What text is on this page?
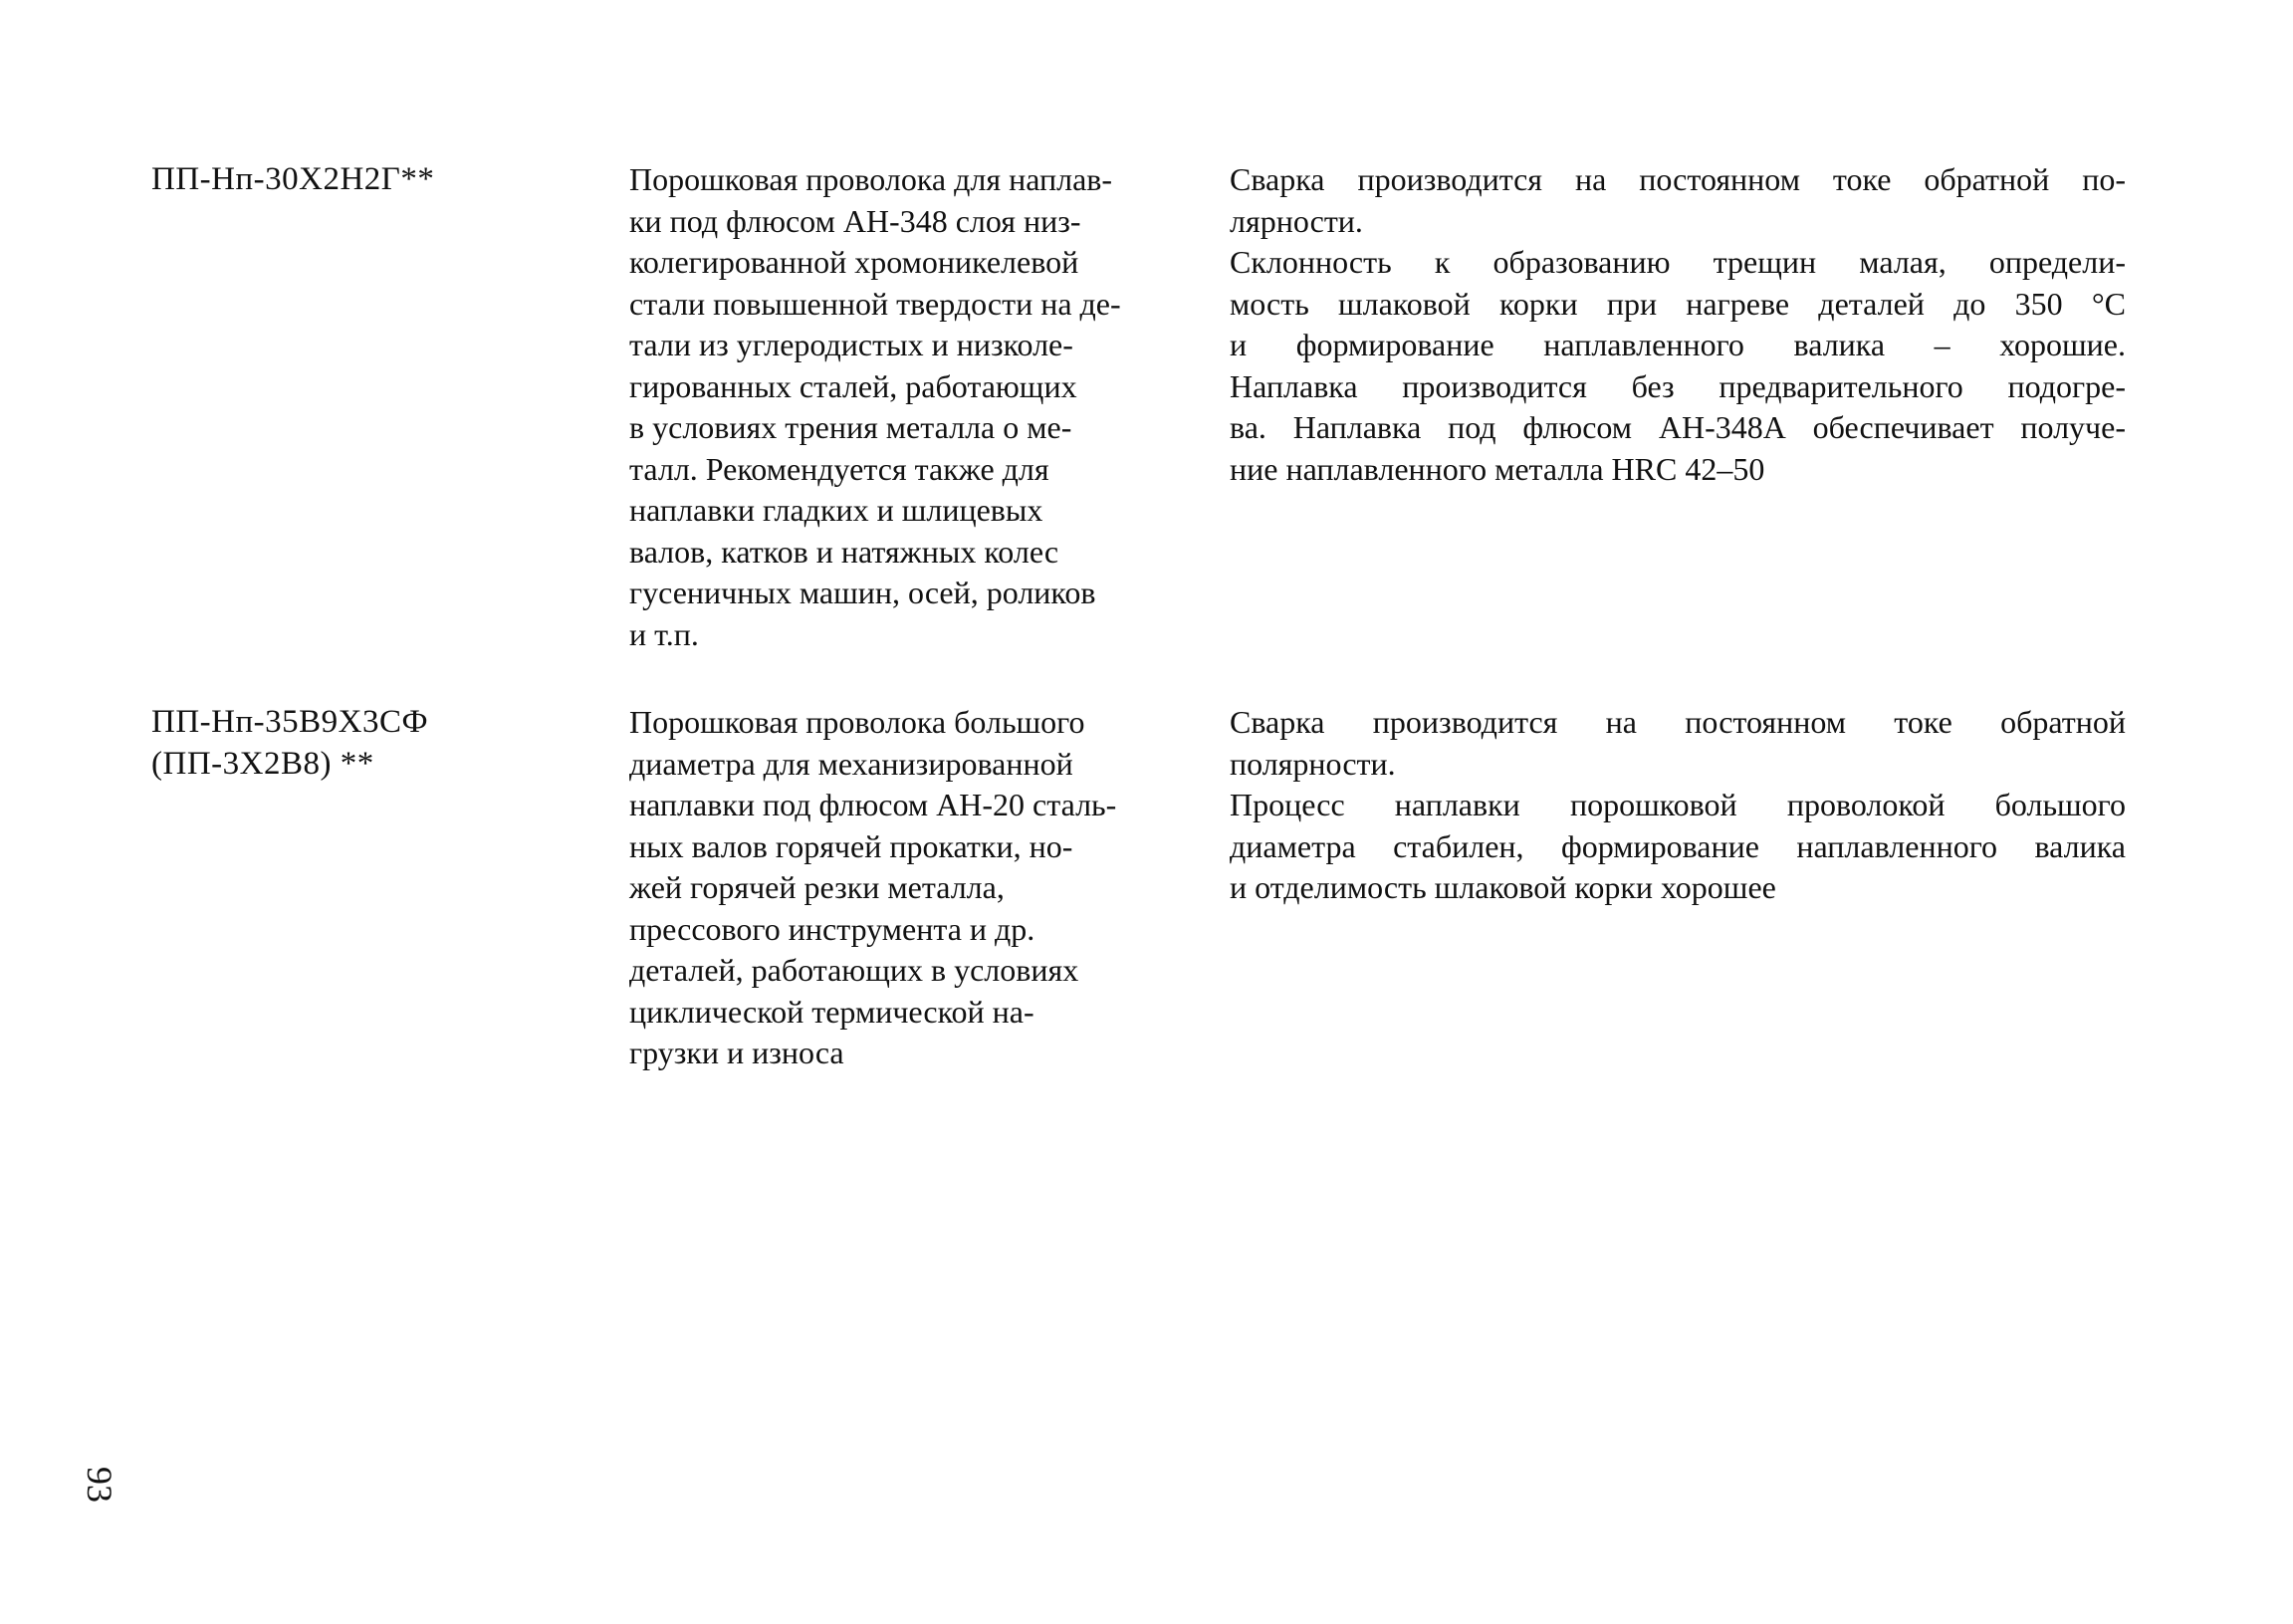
ПП-Нп-30Х2Н2Г**	Порошковая проволока для наплав-
ки под флюсом АН-348 слоя низ-
колегированной хромоникелевой
стали повышенной твердости на де-
тали из углеродистых и низколе-
гированных сталей, работающих
в условиях трения металла о ме-
талл. Рекомендуется также для
наплавки гладких и шлицевых
валов, катков и натяжных колес
гусеничных машин, осей, роликов
и т.п.
Сварка производится на постоянном токе обратной по-
лярности.
Склонность к образованию трещин малая, определи-
мость шлаковой корки при нагреве деталей до 350 °С
и формирование наплавленного валика – хорошие.
Наплавка производится без предварительного подогре-
ва. Наплавка под флюсом АН-348А обеспечивает получе-
ние наплавленного металла HRC 42–50
ПП-Нп-35В9Х3СФ
(ПП-3Х2В8) **
Порошковая проволока большого
диаметра для механизированной
наплавки под флюсом АН-20 сталь-
ных валов горячей прокатки, но-
жей горячей резки металла,
прессового инструмента и др.
деталей, работающих в условиях
циклической термической на-
грузки и износа
Сварка производится на постоянном токе обратной
полярности.
Процесс наплавки порошковой проволокой большого
диаметра стабилен, формирование наплавленного валика
и отделимость шлаковой корки хорошее
93
